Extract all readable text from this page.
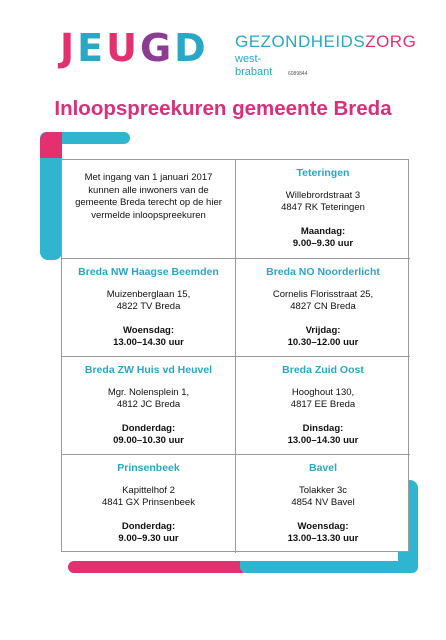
JEUGD GEZONDHEIDSZORG
west-brabant	6089844
Inloopspreekuren gemeente Breda
Met ingang van 1 januari 2017
kunnen alle inwoners van de
gemeente Breda terecht op de hier
vermelde inloopspreekuren
Teteringen
Willebrordstraat 3
4847 RK Teteringen
Maandag:
9.00–9.30 uur
Breda NW Haagse Beemden
Muizenberglaan 15,
4822 TV Breda
Woensdag:
13.00–14.30 uur
Breda NO Noorderlicht
Cornelis Florisstraat 25,
4827 CN Breda
Vrijdag:
10.30–12.00 uur
Breda ZW Huis vd Heuvel
Mgr. Nolensplein 1,
4812 JC Breda
Donderdag:
09.00–10.30 uur
Breda Zuid Oost
Hooghout 130,
4817 EE Breda
Dinsdag:
13.00–14.30 uur
Prinsenbeek
Kapittelhof 2
4841 GX Prinsenbeek
Donderdag:
9.00–9.30 uur
Bavel
Tolakker 3c
4854 NV Bavel
Woensdag:
13.00–13.30 uur
